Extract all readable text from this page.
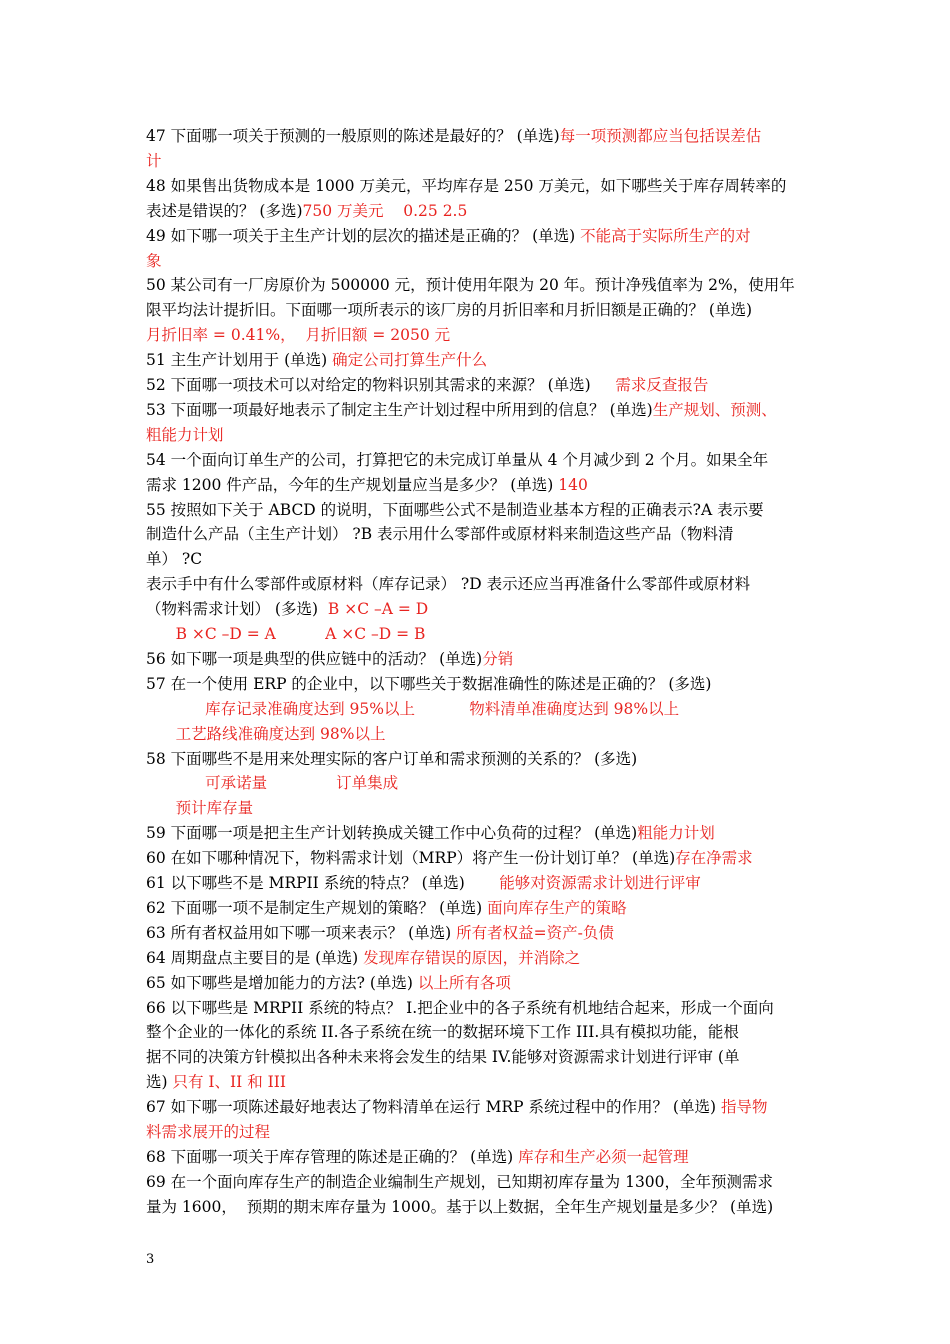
47 下面哪一项关于预测的一般原则的陈述是最好的？ (单选)每一项预测都应当包括误差估
计
48 如果售出货物成本是 1000 万美元，平均库存是 250 万美元，如下哪些关于库存周转率的
表述是错误的？ (多选)750 万美元    0.25 2.5
49 如下哪一项关于主生产计划的层次的描述是正确的？ (单选) 不能高于实际所生产的对
象
50 某公司有一厂房原价为 500000 元，预计使用年限为 20 年。预计净残值率为 2%，使用年
限平均法计提折旧。下面哪一项所表示的该厂房的月折旧率和月折旧额是正确的？ (单选)
月折旧率 = 0.41%，  月折旧额 = 2050 元
51 主生产计划用于 (单选) 确定公司打算生产什么
52 下面哪一项技术可以对给定的物料识别其需求的来源？ (单选)     需求反查报告
53 下面哪一项最好地表示了制定主生产计划过程中所用到的信息？ (单选)生产规划、预测、
粗能力计划
54 一个面向订单生产的公司，打算把它的未完成订单量从 4 个月减少到 2 个月。如果全年
需求 1200 件产品，今年的生产规划量应当是多少？ (单选) 140
55 按照如下关于 ABCD 的说明，下面哪些公式不是制造业基本方程的正确表示?A 表示要
制造什么产品（主生产计划） ?B 表示用什么零部件或原材料来制造这些产品（物料清
单） ?C
表示手中有什么零部件或原材料（库存记录） ?D 表示还应当再准备什么零部件或原材料
（物料需求计划） (多选)  B ×C –A = D
B ×C –D = A          A ×C –D = B
56 如下哪一项是典型的供应链中的活动？ (单选)分销
57 在一个使用 ERP 的企业中，以下哪些关于数据准确性的陈述是正确的？ (多选)
库存记录准确度达到 95%以上           物料清单准确度达到 98%以上
工艺路线准确度达到 98%以上
58 下面哪些不是用来处理实际的客户订单和需求预测的关系的？ (多选)
可承诺量              订单集成
预计库存量
59 下面哪一项是把主生产计划转换成关键工作中心负荷的过程？ (单选)粗能力计划
60 在如下哪种情况下，物料需求计划（MRP）将产生一份计划订单？ (单选)存在净需求
61 以下哪些不是 MRPII 系统的特点？ (单选)       能够对资源需求计划进行评审
62 下面哪一项不是制定生产规划的策略？ (单选) 面向库存生产的策略
63 所有者权益用如下哪一项来表示？ (单选) 所有者权益=资产-负债
64 周期盘点主要目的是 (单选) 发现库存错误的原因，并消除之
65 如下哪些是增加能力的方法? (单选) 以上所有各项
66 以下哪些是 MRPII 系统的特点？ I.把企业中的各子系统有机地结合起来，形成一个面向
整个企业的一体化的系统 II.各子系统在统一的数据环境下工作 III.具有模拟功能，能根
据不同的决策方针模拟出各种未来将会发生的结果 IV.能够对资源需求计划进行评审 (单
选) 只有 I、II 和 III
67 如下哪一项陈述最好地表达了物料清单在运行 MRP 系统过程中的作用？ (单选) 指导物
料需求展开的过程
68 下面哪一项关于库存管理的陈述是正确的？ (单选) 库存和生产必须一起管理
69 在一个面向库存生产的制造企业编制生产规划，已知期初库存量为 1300，全年预测需求
量为 1600，  预期的期末库存量为 1000。基于以上数据，全年生产规划量是多少？ (单选)
3
